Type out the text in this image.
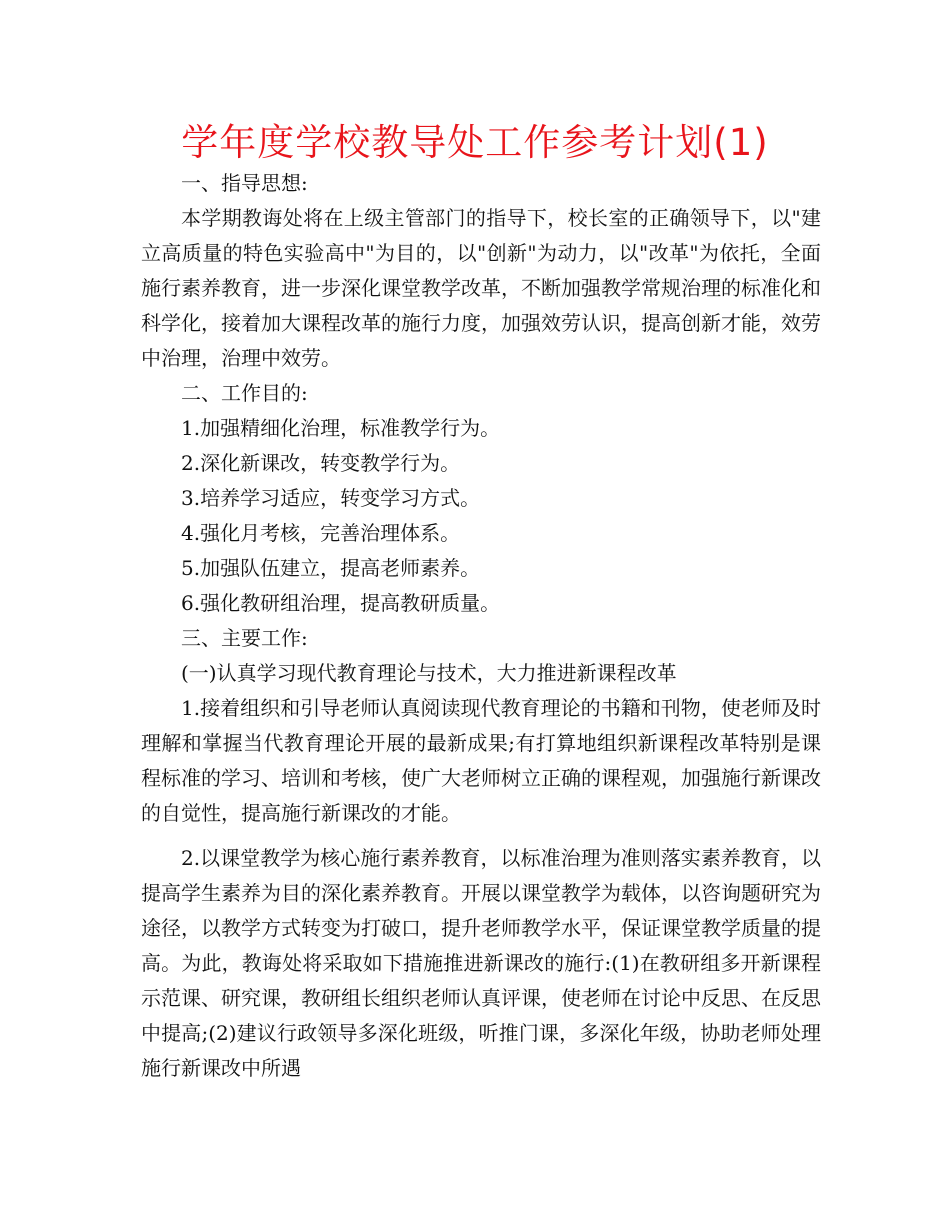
学年度学校教导处工作参考计划(1)

一、指导思想:

本学期教诲处将在上级主管部门的指导下，校长室的正确领导下，以"建立高质量的特色实验高中"为目的，以"创新"为动力，以"改革"为依托，全面施行素养教育，进一步深化课堂教学改革，不断加强教学常规治理的标准化和科学化，接着加大课程改革的施行力度，加强效劳认识，提高创新才能，效劳中治理，治理中效劳。

二、工作目的:

1.加强精细化治理，标准教学行为。

2.深化新课改，转变教学行为。

3.培养学习适应，转变学习方式。

4.强化月考核，完善治理体系。

5.加强队伍建立，提高老师素养。

6.强化教研组治理，提高教研质量。

三、主要工作:

(一)认真学习现代教育理论与技术，大力推进新课程改革

1.接着组织和引导老师认真阅读现代教育理论的书籍和刊物，使老师及时理解和掌握当代教育理论开展的最新成果;有打算地组织新课程改革特别是课程标准的学习、培训和考核，使广大老师树立正确的课程观，加强施行新课改的自觉性，提高施行新课改的才能。

2.以课堂教学为核心施行素养教育，以标准治理为准则落实素养教育，以提高学生素养为目的深化素养教育。开展以课堂教学为载体，以咨询题研究为途径，以教学方式转变为打破口，提升老师教学水平，保证课堂教学质量的提高。为此，教诲处将采取如下措施推进新课改的施行:(1)在教研组多开新课程示范课、研究课，教研组长组织老师认真评课，使老师在讨论中反思、在反思中提高;(2)建议行政领导多深化班级，听推门课，多深化年级，协助老师处理施行新课改中所遇
